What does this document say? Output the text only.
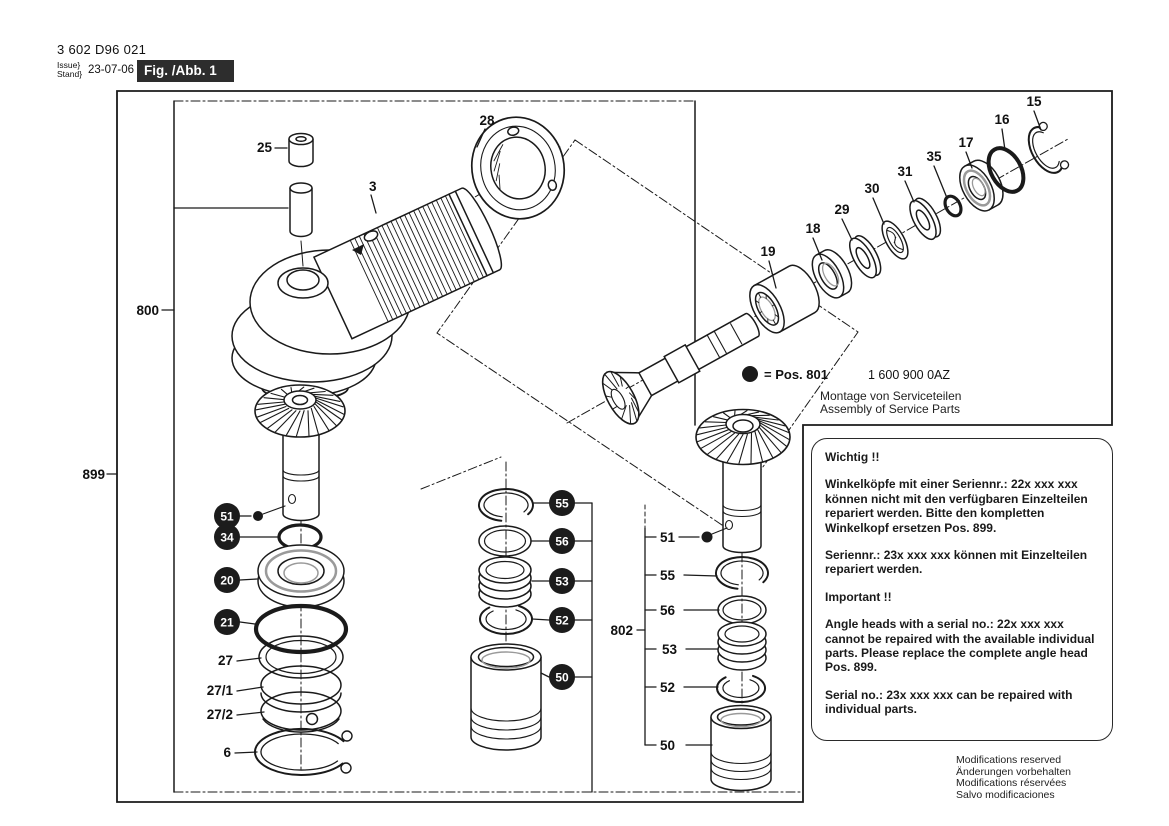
25
3
28
800
899
19
18
29
30
31
35
17
16
15
27
27/1
27/2
6
802
51
55
56
53
52
50
51
34
20
21
55
56
53
52
50
= Pos. 801	1 600 900 0AZ
Montage von Serviceteilen
Assembly of Service Parts
3 602 D96 021
Issue}
Stand} 23-07-06 Fig. /Abb. 1

Wichtig !!

Winkelköpfe mit einer Seriennr.: 22x xxx xxx können nicht mit den verfügbaren Einzelteilen repariert werden. Bitte den kompletten Winkelkopf ersetzen Pos. 899.

Seriennr.: 23x xxx xxx können mit Einzelteilen repariert werden.

Important !!

Angle heads with a serial no.: 22x xxx xxx cannot be repaired with the available individual parts. Please replace the complete angle head Pos. 899.

Serial no.: 23x xxx xxx can be repaired with individual parts.

Modifications reserved
Änderungen vorbehalten
Modifications réservées
Salvo modificaciones
